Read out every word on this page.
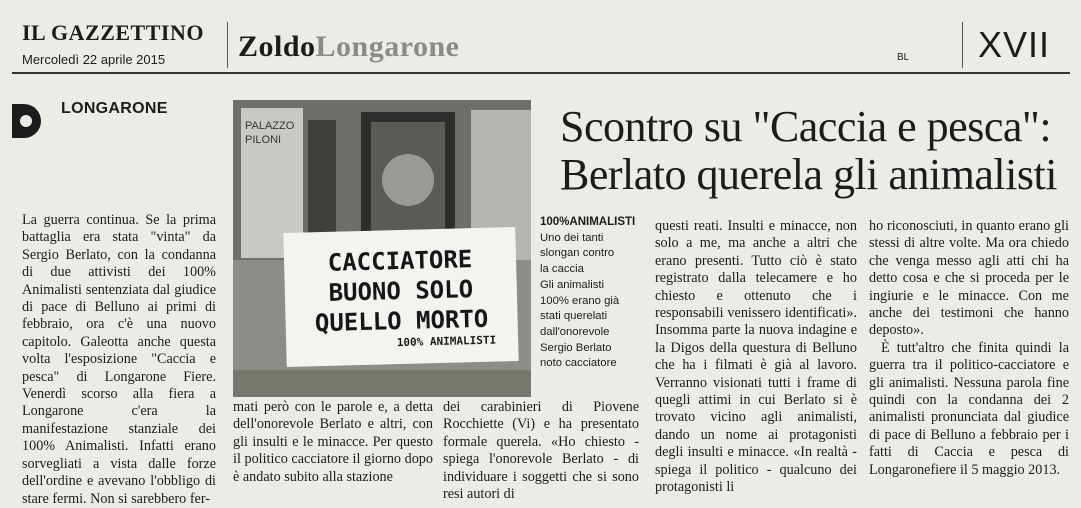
IL GAZZETTINO
Mercoledì 22 aprile 2015 ZoldoLongarone	BL XVII
LONGARONE
PALAZZO
PILONI
CACCIATORE
BUONO SOLO
QUELLO MORTO
100% ANIMALISTI
Scontro su "Caccia e pesca":
Berlato querela gli animalisti
100%ANIMALISTI
Uno dei tanti
slongan contro
la caccia
Gli animalisti
100% erano già
stati querelati
dall'onorevole
Sergio Berlato
noto cacciatore
La guerra continua. Se la prima battaglia era stata "vinta" da Sergio Berlato, con la condanna di due attivisti dei 100% Animalisti sentenziata dal giudice di pace di Belluno ai primi di febbraio, ora c'è una nuovo capitolo. Galeotta anche questa volta l'esposizione "Caccia e pesca" di Longarone Fiere. Venerdì scorso alla fiera a Longarone c'era la manifestazione stanziale dei 100% Animalisti. Infatti erano sorvegliati a vista dalle forze dell'ordine e avevano l'obbligo di stare fermi. Non si sarebbero fer-
mati però con le parole e, a detta dell'onorevole Berlato e altri, con gli insulti e le minacce. Per questo il politico cacciatore il giorno dopo è andato subito alla stazione
dei carabinieri di Piovene Rocchiette (Vi) e ha presentato formale querela. «Ho chiesto - spiega l'onorevole Berlato - di individuare i soggetti che si sono resi autori di
questi reati. Insulti e minacce, non solo a me, ma anche a altri che erano presenti. Tutto ciò è stato registrato dalla telecamere e ho chiesto e ottenuto che i responsabili venissero identificati». Insomma parte la nuova indagine e la Digos della questura di Belluno che ha i filmati è già al lavoro. Verranno visionati tutti i frame di quegli attimi in cui Berlato si è trovato vicino agli animalisti, dando un nome ai protagonisti degli insulti e minacce. «In realtà - spiega il politico - qualcuno dei protagonisti li

ho riconosciuti, in quanto erano gli stessi di altre volte. Ma ora chiedo che venga messo agli atti chi ha detto cosa e che si proceda per le ingiurie e le minacce. Con me anche dei testimoni che hanno deposto».

È tutt'altro che finita quindi la guerra tra il politico-cacciatore e gli animalisti. Nessuna parola fine quindi con la condanna dei 2 animalisti pronunciata dal giudice di pace di Belluno a febbraio per i fatti di Caccia e pesca di Longaronefiere il 5 maggio 2013.
